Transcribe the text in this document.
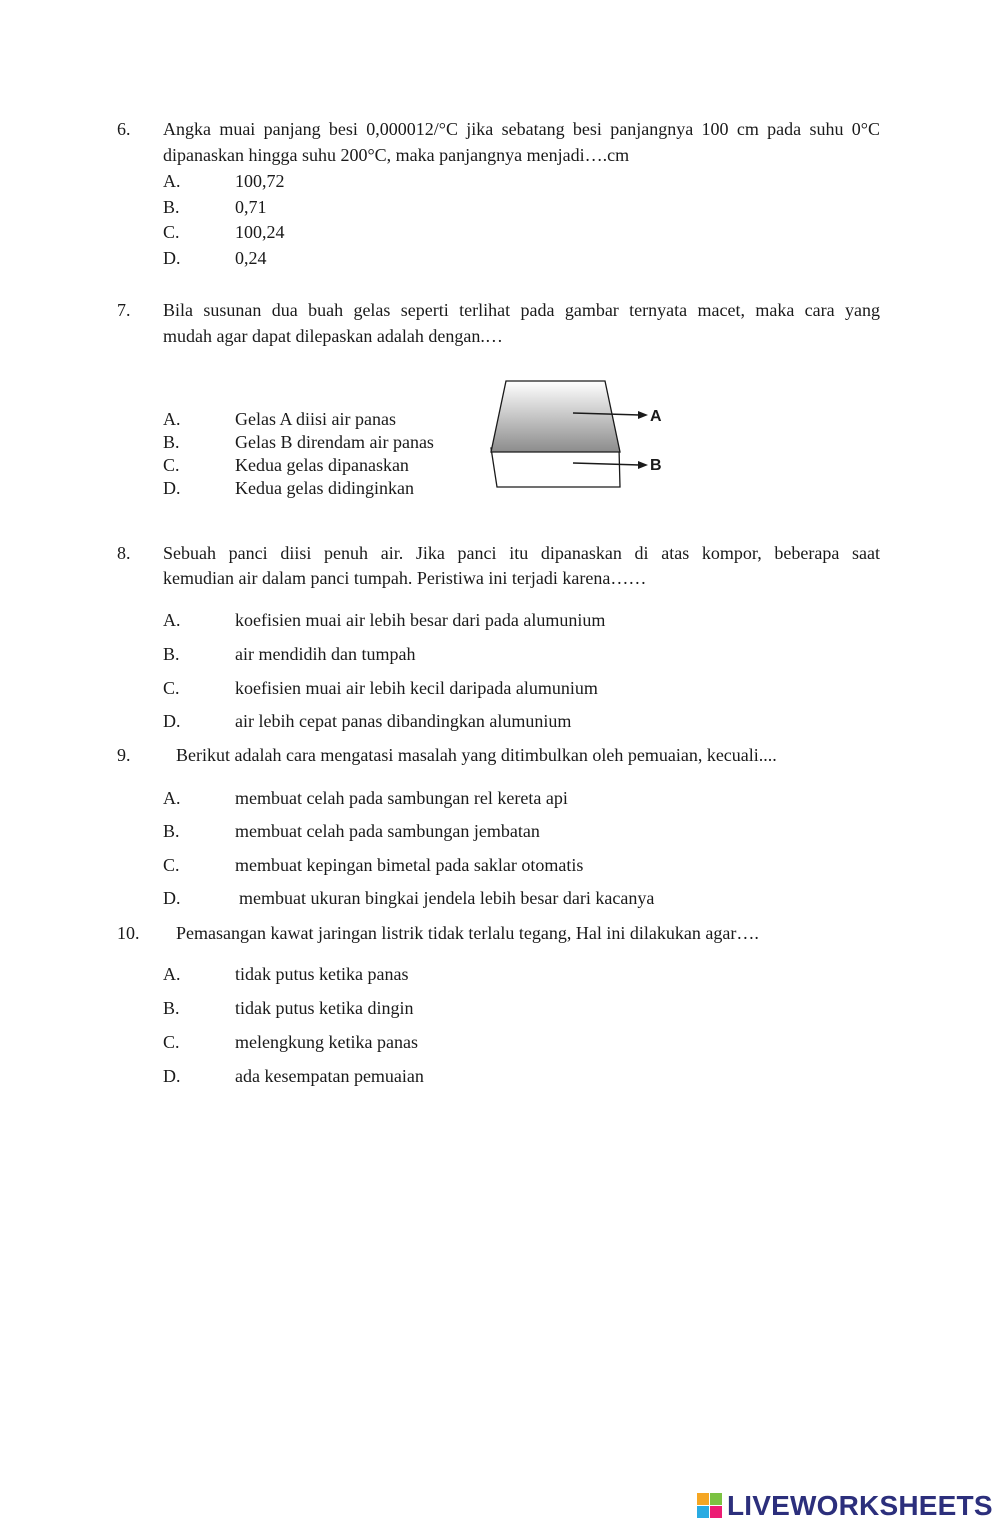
6. Angka muai panjang besi 0,000012/°C jika sebatang besi panjangnya 100 cm pada suhu 0°C
dipanaskan hingga suhu 200°C, maka panjangnya menjadi….cm
A.	100,72
B.	0,71
C.	100,24
D.	0,24
7. Bila susunan dua buah gelas seperti terlihat pada gambar ternyata macet, maka cara yang
mudah agar dapat dilepaskan adalah dengan.…
A.	Gelas A diisi air panas
B.	Gelas B direndam air panas
C.	Kedua gelas dipanaskan
D.	Kedua gelas didinginkan
A
B
8. Sebuah panci diisi penuh air. Jika panci itu dipanaskan di atas kompor, beberapa saat
kemudian air dalam panci tumpah. Peristiwa ini terjadi karena……
A.	koefisien muai air lebih besar dari pada alumunium
B.	air mendidih dan tumpah
C.	koefisien muai air lebih kecil daripada alumunium
D.	air lebih cepat panas dibandingkan alumunium
9.	Berikut adalah cara mengatasi masalah yang ditimbulkan oleh pemuaian, kecuali....
A.	membuat celah pada sambungan rel kereta api
B.	membuat celah pada sambungan jembatan
C.	membuat kepingan bimetal pada saklar otomatis
D.	membuat ukuran bingkai jendela lebih besar dari kacanya
10. Pemasangan kawat jaringan listrik tidak terlalu tegang, Hal ini dilakukan agar….
A.	tidak putus ketika panas
B.	tidak putus ketika dingin
C.	melengkung ketika panas
D.	ada kesempatan pemuaian
LIVEWORKSHEETS
